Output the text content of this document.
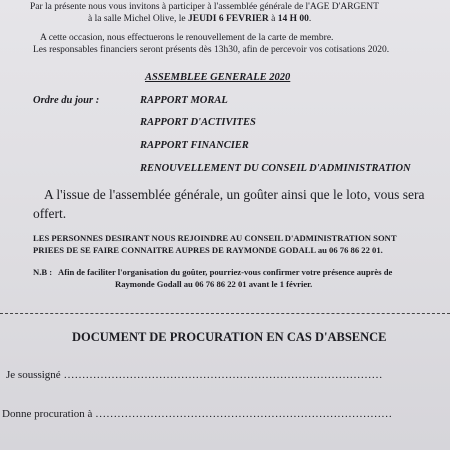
Par la présente nous vous invitons à participer à l'assemblée générale de l'AGE D'ARGENT
à la salle Michel Olive, le JEUDI 6 FEVRIER à 14 H 00.
A cette occasion, nous effectuerons le renouvellement de la carte de membre.
Les responsables financiers seront présents dès 13h30, afin de percevoir vos cotisations 2020.
ASSEMBLEE GENERALE 2020
Ordre du jour :	RAPPORT MORAL
RAPPORT D'ACTIVITES
RAPPORT FINANCIER
RENOUVELLEMENT DU CONSEIL D'ADMINISTRATION
A l'issue de l'assemblée générale, un goûter ainsi que le loto, vous sera
offert.
LES PERSONNES DESIRANT NOUS REJOINDRE AU CONSEIL D'ADMINISTRATION SONT
PRIEES DE SE FAIRE CONNAITRE AUPRES DE RAYMONDE GODALL au 06 76 86 22 01.
N.B : Afin de faciliter l'organisation du goûter, pourriez-vous confirmer votre présence auprès de
Raymonde Godall au 06 76 86 22 01 avant le 1 février.
DOCUMENT DE PROCURATION EN CAS D'ABSENCE
Je soussigné ……………………………………………………………………………
Donne procuration à ………………………………………………………………………
